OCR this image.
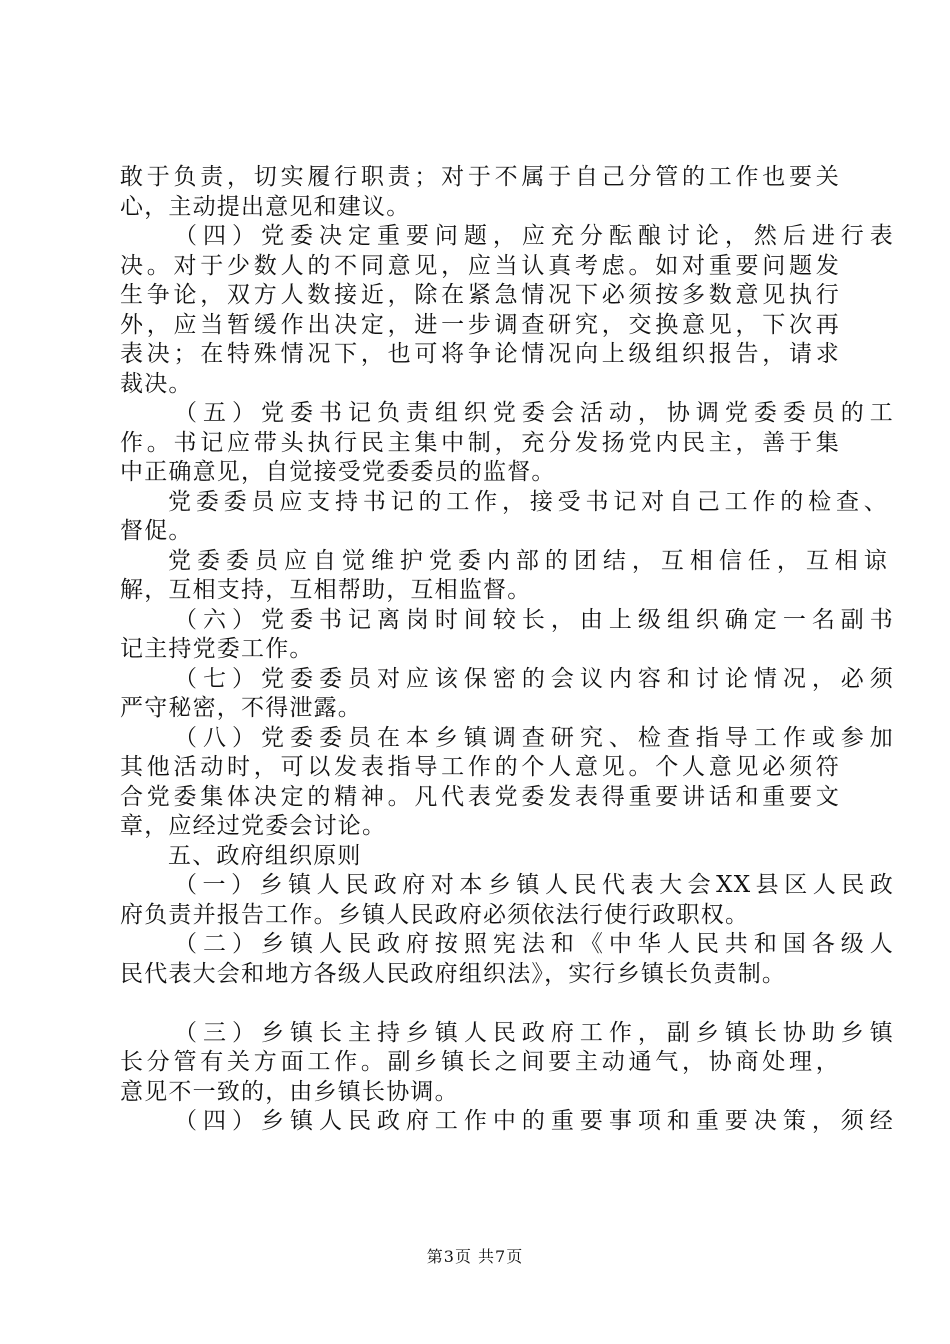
敢于负责，切实履行职责；对于不属于自己分管的工作也要关
心，主动提出意见和建议。
（四）党委决定重要问题，应充分酝酿讨论，然后进行表
决。对于少数人的不同意见，应当认真考虑。如对重要问题发
生争论，双方人数接近，除在紧急情况下必须按多数意见执行
外，应当暂缓作出决定，进一步调查研究，交换意见，下次再
表决；在特殊情况下，也可将争论情况向上级组织报告，请求
裁决。
（五）党委书记负责组织党委会活动，协调党委委员的工
作。书记应带头执行民主集中制，充分发扬党内民主，善于集
中正确意见，自觉接受党委委员的监督。
党委委员应支持书记的工作，接受书记对自己工作的检查、
督促。
党委委员应自觉维护党委内部的团结，互相信任，互相谅
解，互相支持，互相帮助，互相监督。
（六）党委书记离岗时间较长，由上级组织确定一名副书
记主持党委工作。
（七）党委委员对应该保密的会议内容和讨论情况，必须
严守秘密，不得泄露。
（八）党委委员在本乡镇调查研究、检查指导工作或参加
其他活动时，可以发表指导工作的个人意见。个人意见必须符
合党委集体决定的精神。凡代表党委发表得重要讲话和重要文
章，应经过党委会讨论。
五、政府组织原则
（一）乡镇人民政府对本乡镇人民代表大会XX县区人民政
府负责并报告工作。乡镇人民政府必须依法行使行政职权。
（二）乡镇人民政府按照宪法和《中华人民共和国各级人
民代表大会和地方各级人民政府组织法》，实行乡镇长负责制。
（三）乡镇长主持乡镇人民政府工作，副乡镇长协助乡镇
长分管有关方面工作。副乡镇长之间要主动通气，协商处理，
意见不一致的，由乡镇长协调。
（四）乡镇人民政府工作中的重要事项和重要决策，须经
第3页 共7页
